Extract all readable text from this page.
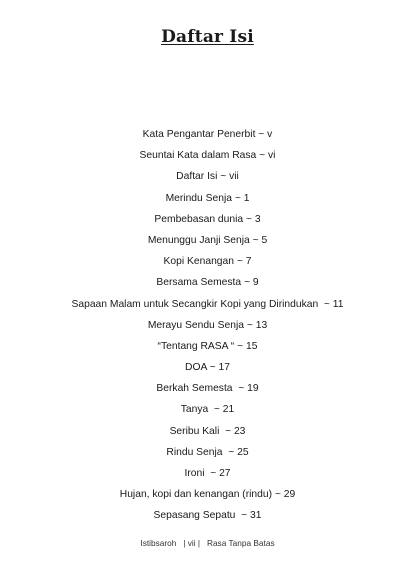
Daftar Isi
Kata Pengantar Penerbit ~ v
Seuntai Kata dalam Rasa ~ vi
Daftar Isi ~ vii
Merindu Senja ~ 1
Pembebasan dunia ~ 3
Menunggu Janji Senja ~ 5
Kopi Kenangan ~ 7
Bersama Semesta ~ 9
Sapaan Malam untuk Secangkir Kopi yang Dirindukan  ~ 11
Merayu Sendu Senja ~ 13
“Tentang RASA “ ~ 15
DOA ~ 17
Berkah Semesta  ~ 19
Tanya  ~ 21
Seribu Kali  ~ 23
Rindu Senja  ~ 25
Ironi  ~ 27
Hujan, kopi dan kenangan (rindu) ~ 29
Sepasang Sepatu  ~ 31
Istibsaroh   | vii |   Rasa Tanpa Batas
